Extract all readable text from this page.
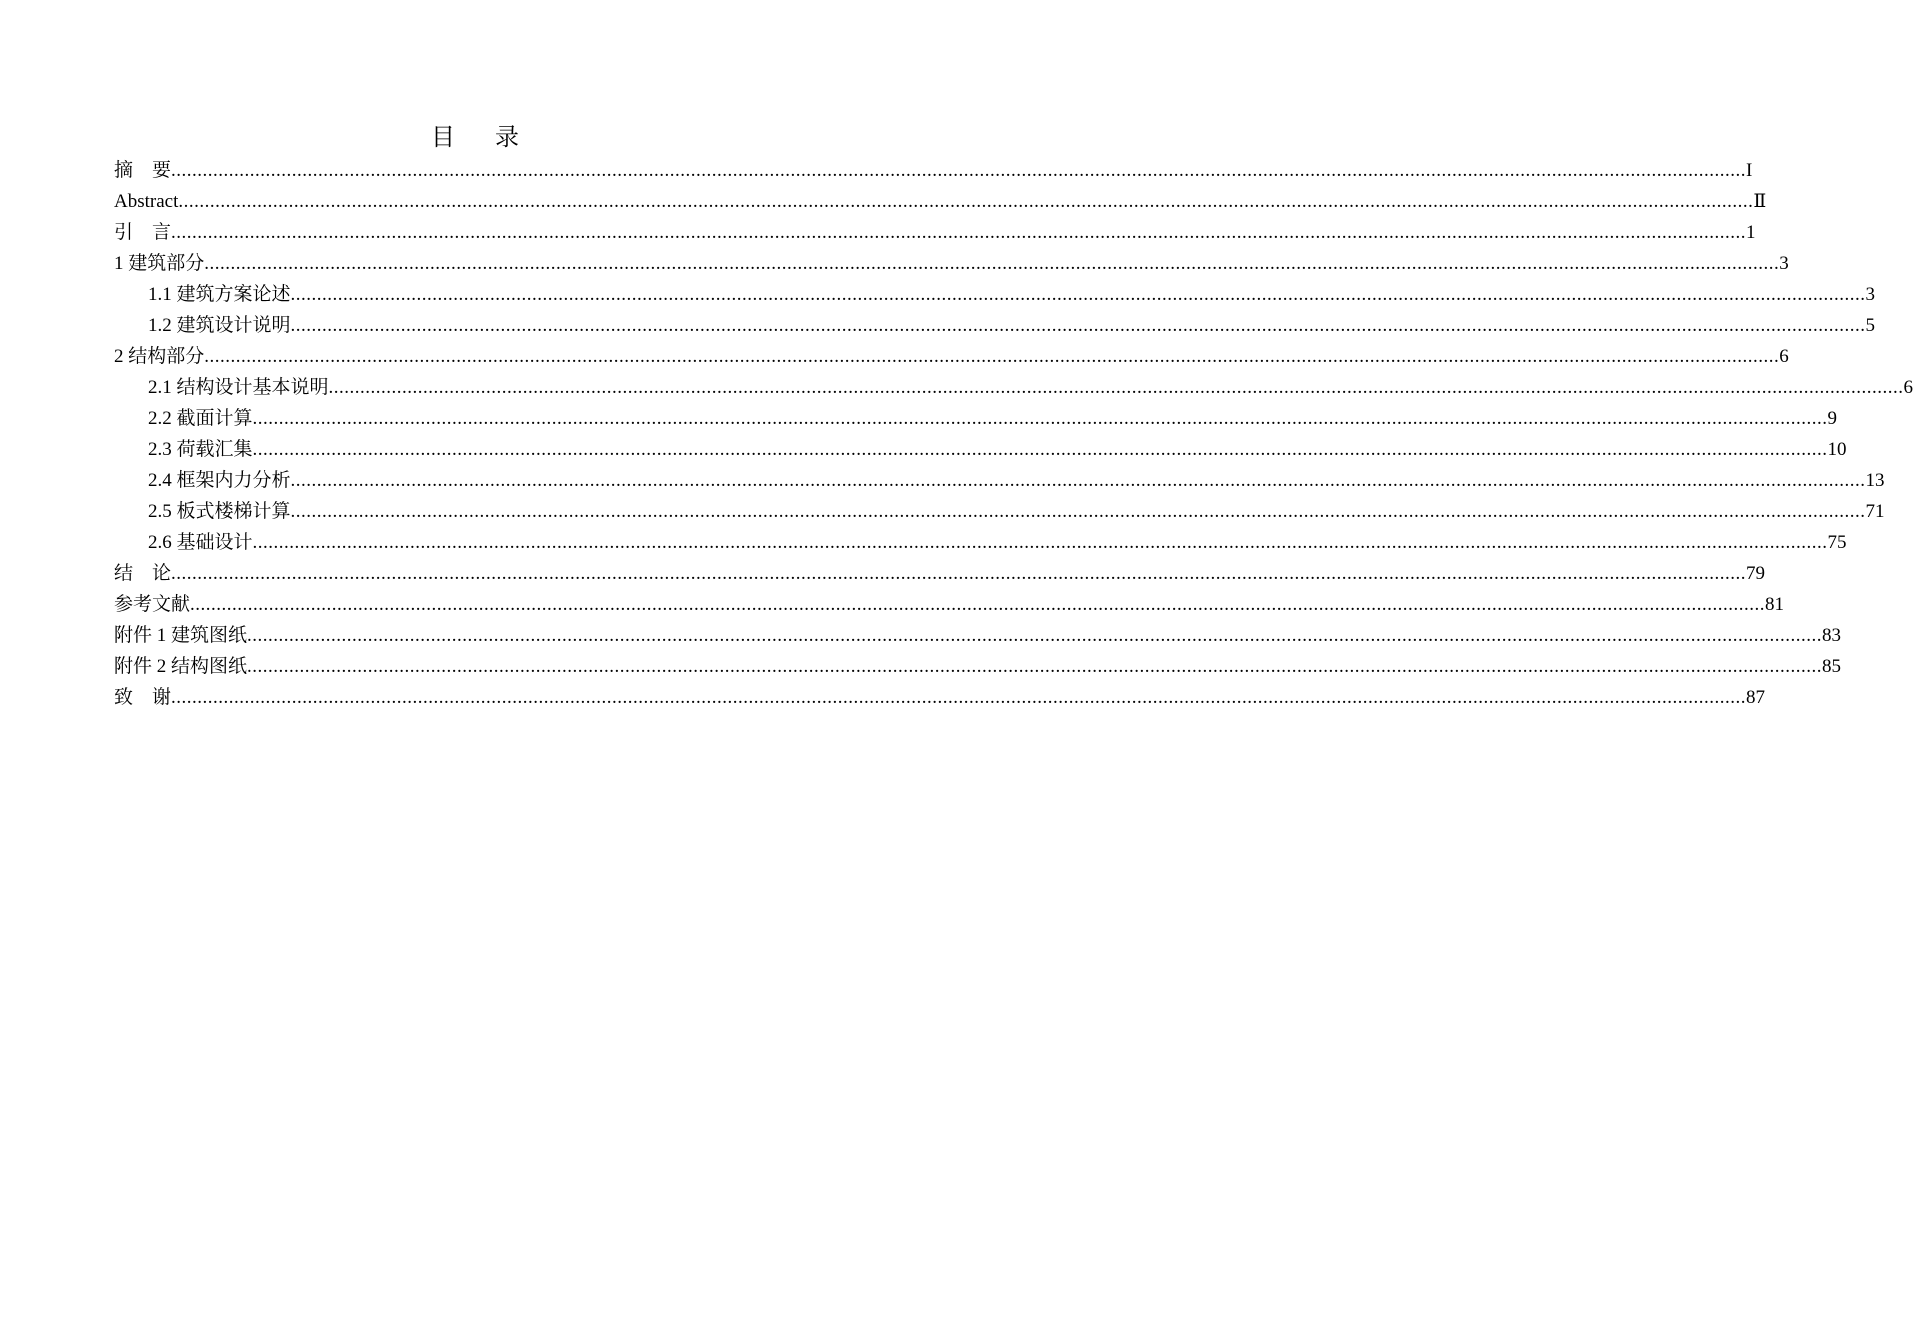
目 录
摘　要 ............................................................................................................................................................................................................................................................................................................ I
Abstract ............................................................................................................................................................................................................................................................................................................ Ⅱ
引　言 ............................................................................................................................................................................................................................................................................................................ 1
1 建筑部分 ............................................................................................................................................................................................................................................................................................................ 3
1.1 建筑方案论述 ............................................................................................................................................................................................................................................................................................................ 3
1.2 建筑设计说明 ............................................................................................................................................................................................................................................................................................................ 5
2 结构部分 ............................................................................................................................................................................................................................................................................................................ 6
2.1 结构设计基本说明 ............................................................................................................................................................................................................................................................................................................ 6
2.2 截面计算 ............................................................................................................................................................................................................................................................................................................ 9
2.3 荷载汇集 ............................................................................................................................................................................................................................................................................................................ 10
2.4 框架内力分析 ............................................................................................................................................................................................................................................................................................................ 13
2.5 板式楼梯计算 ............................................................................................................................................................................................................................................................................................................ 71
2.6 基础设计 ............................................................................................................................................................................................................................................................................................................ 75
结　论 ............................................................................................................................................................................................................................................................................................................ 79
参考文献 ............................................................................................................................................................................................................................................................................................................ 81
附件 1 建筑图纸 ............................................................................................................................................................................................................................................................................................................ 83
附件 2 结构图纸 ............................................................................................................................................................................................................................................................................................................ 85
致　谢 ............................................................................................................................................................................................................................................................................................................ 87
